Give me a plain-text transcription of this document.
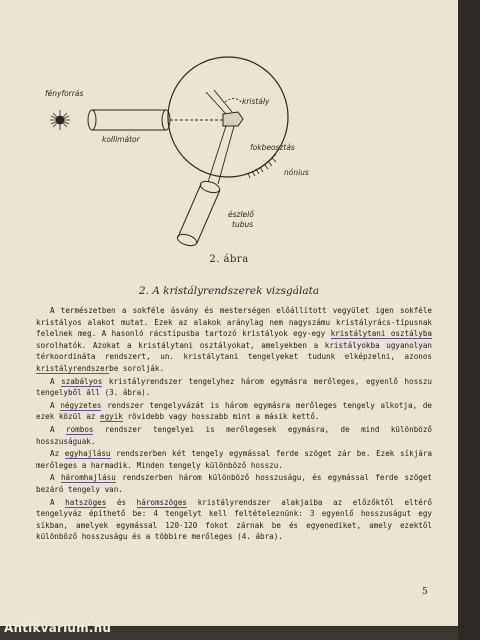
fényforrás
kollimátor
kristály
fokbeosztás
nónius
észlelő
tubus
2. ábra
2. A kristályrendszerek vizsgálata

A természetben a sokféle ásvány és mesterségen előállított vegyület igen sokféle kristályos alakot mutat. Ezek az alakok aránylag nem nagyszámu kristályrács-típusnak felelnek meg. A hasonló rácstípusba tartozó kristályok egy-egy kristálytani osztályba sorolhatók. Azokat a kristálytani osztályokat, amelyekben a kristályokba ugyanolyan térkoordináta rendszert, un. kristálytani tengelyeket tudunk elképzelni, azonos kristályrendszerbe sorolják.

A szabályos kristályrendszer tengelyhez három egymásra merőleges, egyenlő hosszu tengelyből áll (3. ábra).

A négyzetes rendszer tengelyvázát is három egymásra merőleges tengely alkotja, de ezek közül az egyik rövidebb vagy hosszabb mint a másik kettő.

A rombos rendszer tengelyei is merőlegesek egymásra, de mind különböző hosszuságuak.

Az egyhajlásu rendszerben két tengely egymással ferde szöget zár be. Ezek síkjára merőleges a harmadik. Minden tengely különböző hosszu.

A háromhajlásu rendszerben három különböző hosszuságu, és egymással ferde szöget bezáró tengely van.

A hatszöges és háromszöges kristályrendszer alakjaiba az előzőktől eltérő tengelyváz építhető be: 4 tengelyt kell feltételeznünk: 3 egyenlő hosszuságut egy síkban, amelyek egymással 120-120 fokot zárnak be és egyenediket, amely ezektől különböző hosszuságu és a többire merőleges (4. ábra).

5
Antikvarium.hu
